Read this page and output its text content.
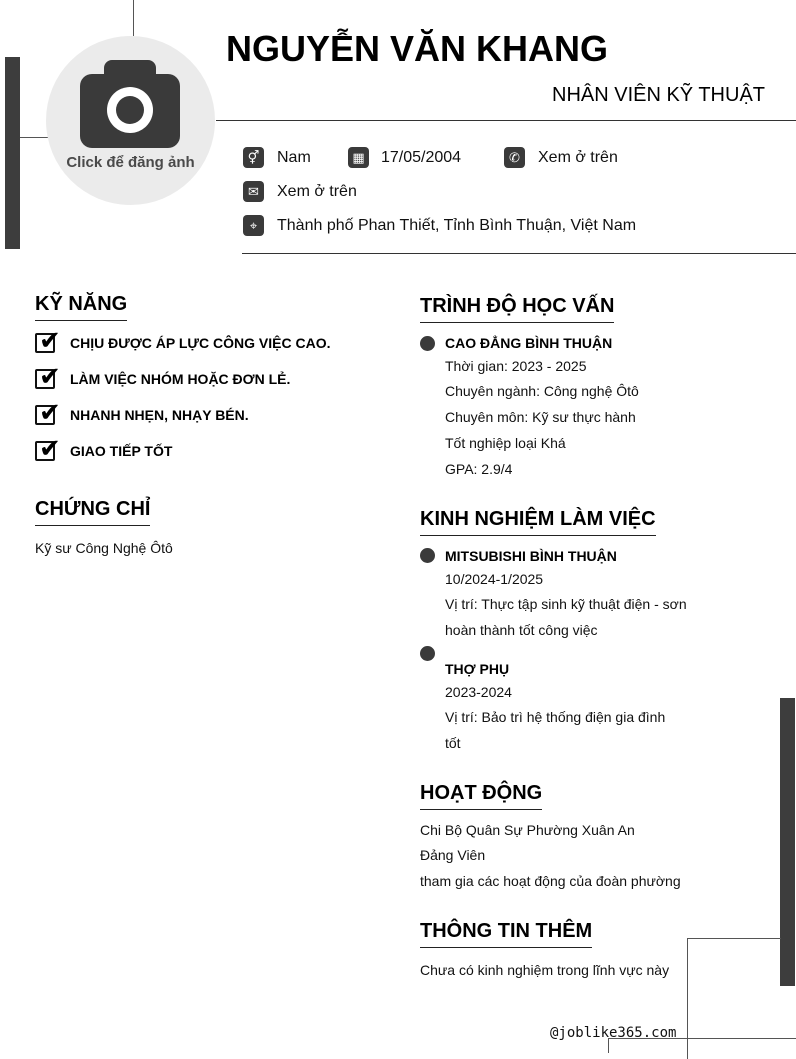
Click để đăng ảnh
NGUYỄN VĂN KHANG
NHÂN VIÊN KỸ THUẬT
⚥ Nam	▦ 17/05/2004	✆	Xem ở trên
✉	Xem ở trên
⌖	Thành phố Phan Thiết, Tỉnh Bình Thuận, Việt Nam
KỸ NĂNG
✔ CHỊU ĐƯỢC ÁP LỰC CÔNG VIỆC CAO.
✔ LÀM VIỆC NHÓM HOẶC ĐƠN LẺ.
✔ NHANH NHẸN, NHẠY BÉN.
✔ GIAO TIẾP TỐT
CHỨNG CHỈ
Kỹ sư Công Nghệ Ôtô
TRÌNH ĐỘ HỌC VẤN
CAO ĐẲNG BÌNH THUẬN
Thời gian: 2023 - 2025
Chuyên ngành: Công nghệ Ôtô
Chuyên môn: Kỹ sư thực hành
Tốt nghiệp loại Khá
GPA: 2.9/4
KINH NGHIỆM LÀM VIỆC
MITSUBISHI BÌNH THUẬN
10/2024-1/2025
Vị trí: Thực tập sinh kỹ thuật điện - sơn
hoàn thành tốt công việc
THỢ PHỤ
2023-2024
Vị trí: Bảo trì hệ thống điện gia đình
tốt
HOẠT ĐỘNG
Chi Bộ Quân Sự Phường Xuân An
Đảng Viên
tham gia các hoạt động của đoàn phường
THÔNG TIN THÊM
Chưa có kinh nghiệm trong lĩnh vực này
@joblike365.com
